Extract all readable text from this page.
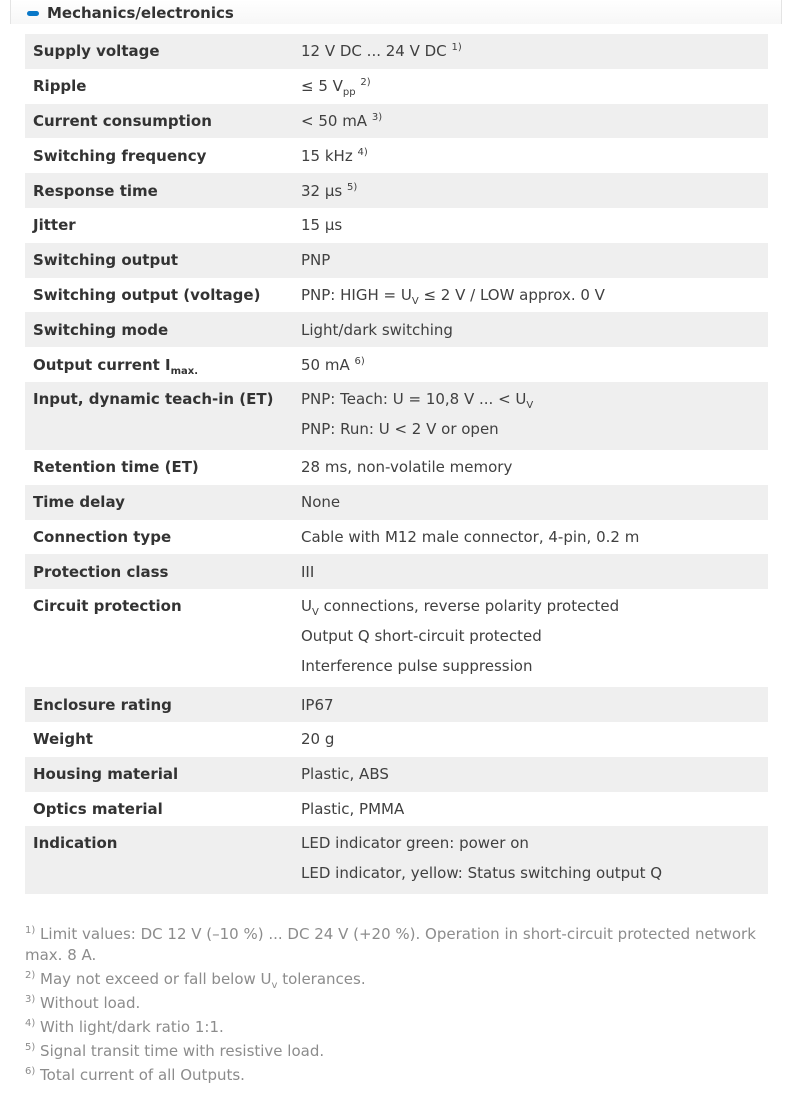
Mechanics/electronics
Supply voltage	12 V DC ... 24 V DC $^{1)}$
Ripple	≤ 5 $V_{pp}$ $^{2)}$
Current consumption	< 50 mA $^{3)}$
Switching frequency	15 kHz $^{4)}$
Response time	32 µs $^{5)}$
Jitter	15 µs
Switching output	PNP
Switching output (voltage)	PNP: HIGH = $U_V \le 2$ V / LOW approx. 0 V
Switching mode	Light/dark switching
Output current $I_{max.}$	50 mA $^{6)}$
Input, dynamic teach-in (ET)	PNP: Teach: U = 10,8 V ... < $U_V$
PNP: Run: U < 2 V or open
Retention time (ET)	28 ms, non-volatile memory
Time delay	None
Connection type	Cable with M12 male connector, 4-pin, 0.2 m
Protection class	III
Circuit protection	$U_V$ connections, reverse polarity protected
Output Q short-circuit protected
Interference pulse suppression
Enclosure rating	IP67
Weight	20 g
Housing material	Plastic, ABS
Optics material	Plastic, PMMA
Indication	LED indicator green: power on
LED indicator, yellow: Status switching output Q
$^{1)}$ Limit values: DC 12 V (–10 %) ... DC 24 V (+20 %). Operation in short-circuit protected network max. 8 A.
$^{2)}$ May not exceed or fall below $U_v$ tolerances.
$^{3)}$ Without load.
$^{4)}$ With light/dark ratio 1:1.
$^{5)}$ Signal transit time with resistive load.
$^{6)}$ Total current of all Outputs.
